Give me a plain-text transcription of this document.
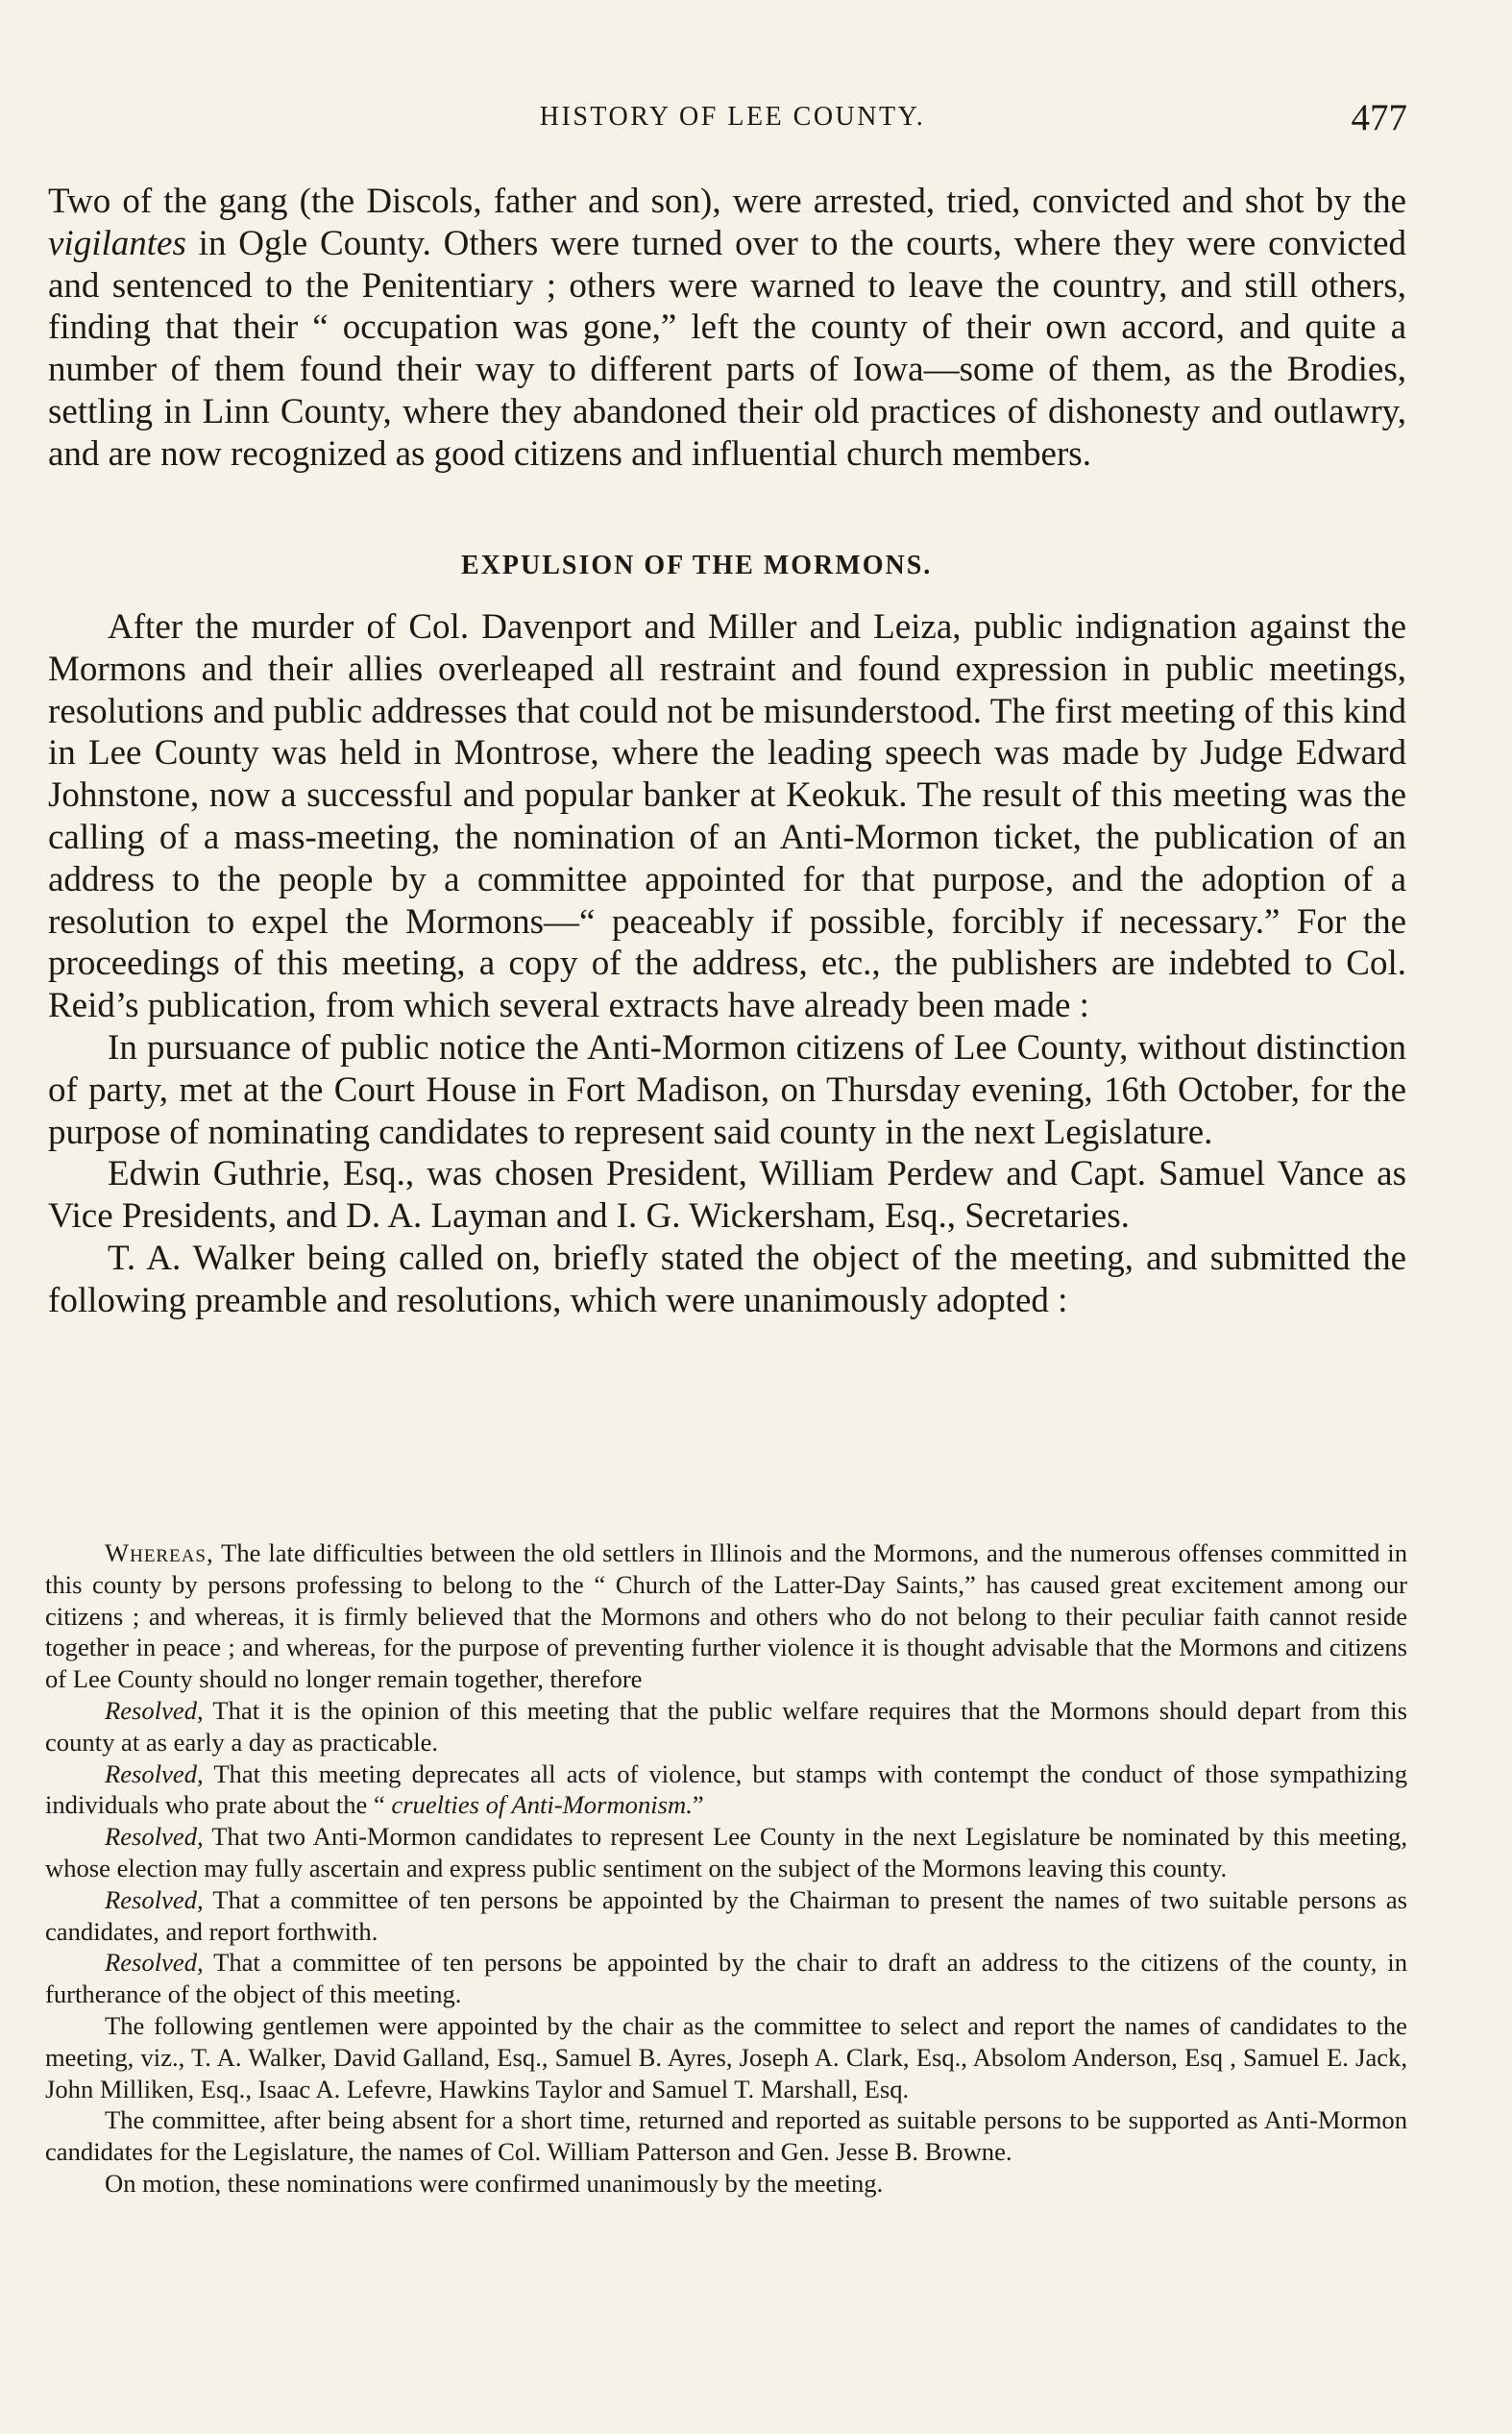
HISTORY OF LEE COUNTY.	477

Two of the gang (the Discols, father and son), were arrested, tried, convicted and shot by the vigilantes in Ogle County. Others were turned over to the courts, where they were convicted and sentenced to the Penitentiary ; others were warned to leave the country, and still others, finding that their “ occupation was gone,” left the county of their own accord, and quite a number of them found their way to different parts of Iowa—some of them, as the Brodies, settling in Linn County, where they abandoned their old practices of dishonesty and outlawry, and are now recognized as good citizens and influential church members.

EXPULSION OF THE MORMONS.

After the murder of Col. Davenport and Miller and Leiza, public indignation against the Mormons and their allies overleaped all restraint and found expression in public meetings, resolutions and public addresses that could not be misunderstood. The first meeting of this kind in Lee County was held in Montrose, where the leading speech was made by Judge Edward Johnstone, now a successful and popular banker at Keokuk. The result of this meeting was the calling of a mass-meeting, the nomination of an Anti-Mormon ticket, the publication of an address to the people by a committee appointed for that purpose, and the adoption of a resolution to expel the Mormons—“ peaceably if possible, forcibly if necessary.” For the proceedings of this meeting, a copy of the address, etc., the publishers are indebted to Col. Reid’s publication, from which several extracts have already been made :

In pursuance of public notice the Anti-Mormon citizens of Lee County, without distinction of party, met at the Court House in Fort Madison, on Thursday evening, 16th October, for the purpose of nominating candidates to represent said county in the next Legislature.

Edwin Guthrie, Esq., was chosen President, William Perdew and Capt. Samuel Vance as Vice Presidents, and D. A. Layman and I. G. Wickersham, Esq., Secretaries.

T. A. Walker being called on, briefly stated the object of the meeting, and submitted the following preamble and resolutions, which were unanimously adopted :

Whereas, The late difficulties between the old settlers in Illinois and the Mormons, and the numerous offenses committed in this county by persons professing to belong to the “ Church of the Latter-Day Saints,” has caused great excitement among our citizens ; and whereas, it is firmly believed that the Mormons and others who do not belong to their peculiar faith cannot reside together in peace ; and whereas, for the purpose of preventing further violence it is thought advisable that the Mormons and citizens of Lee County should no longer remain together, therefore

Resolved, That it is the opinion of this meeting that the public welfare requires that the Mormons should depart from this county at as early a day as practicable.

Resolved, That this meeting deprecates all acts of violence, but stamps with contempt the conduct of those sympathizing individuals who prate about the “ cruelties of Anti-Mormonism.”

Resolved, That two Anti-Mormon candidates to represent Lee County in the next Legislature be nominated by this meeting, whose election may fully ascertain and express public sentiment on the subject of the Mormons leaving this county.

Resolved, That a committee of ten persons be appointed by the Chairman to present the names of two suitable persons as candidates, and report forthwith.

Resolved, That a committee of ten persons be appointed by the chair to draft an address to the citizens of the county, in furtherance of the object of this meeting.

The following gentlemen were appointed by the chair as the committee to select and report the names of candidates to the meeting, viz., T. A. Walker, David Galland, Esq., Samuel B. Ayres, Joseph A. Clark, Esq., Absolom Anderson, Esq , Samuel E. Jack, John Milliken, Esq., Isaac A. Lefevre, Hawkins Taylor and Samuel T. Marshall, Esq.

The committee, after being absent for a short time, returned and reported as suitable persons to be supported as Anti-Mormon candidates for the Legislature, the names of Col. William Patterson and Gen. Jesse B. Browne.

On motion, these nominations were confirmed unanimously by the meeting.
